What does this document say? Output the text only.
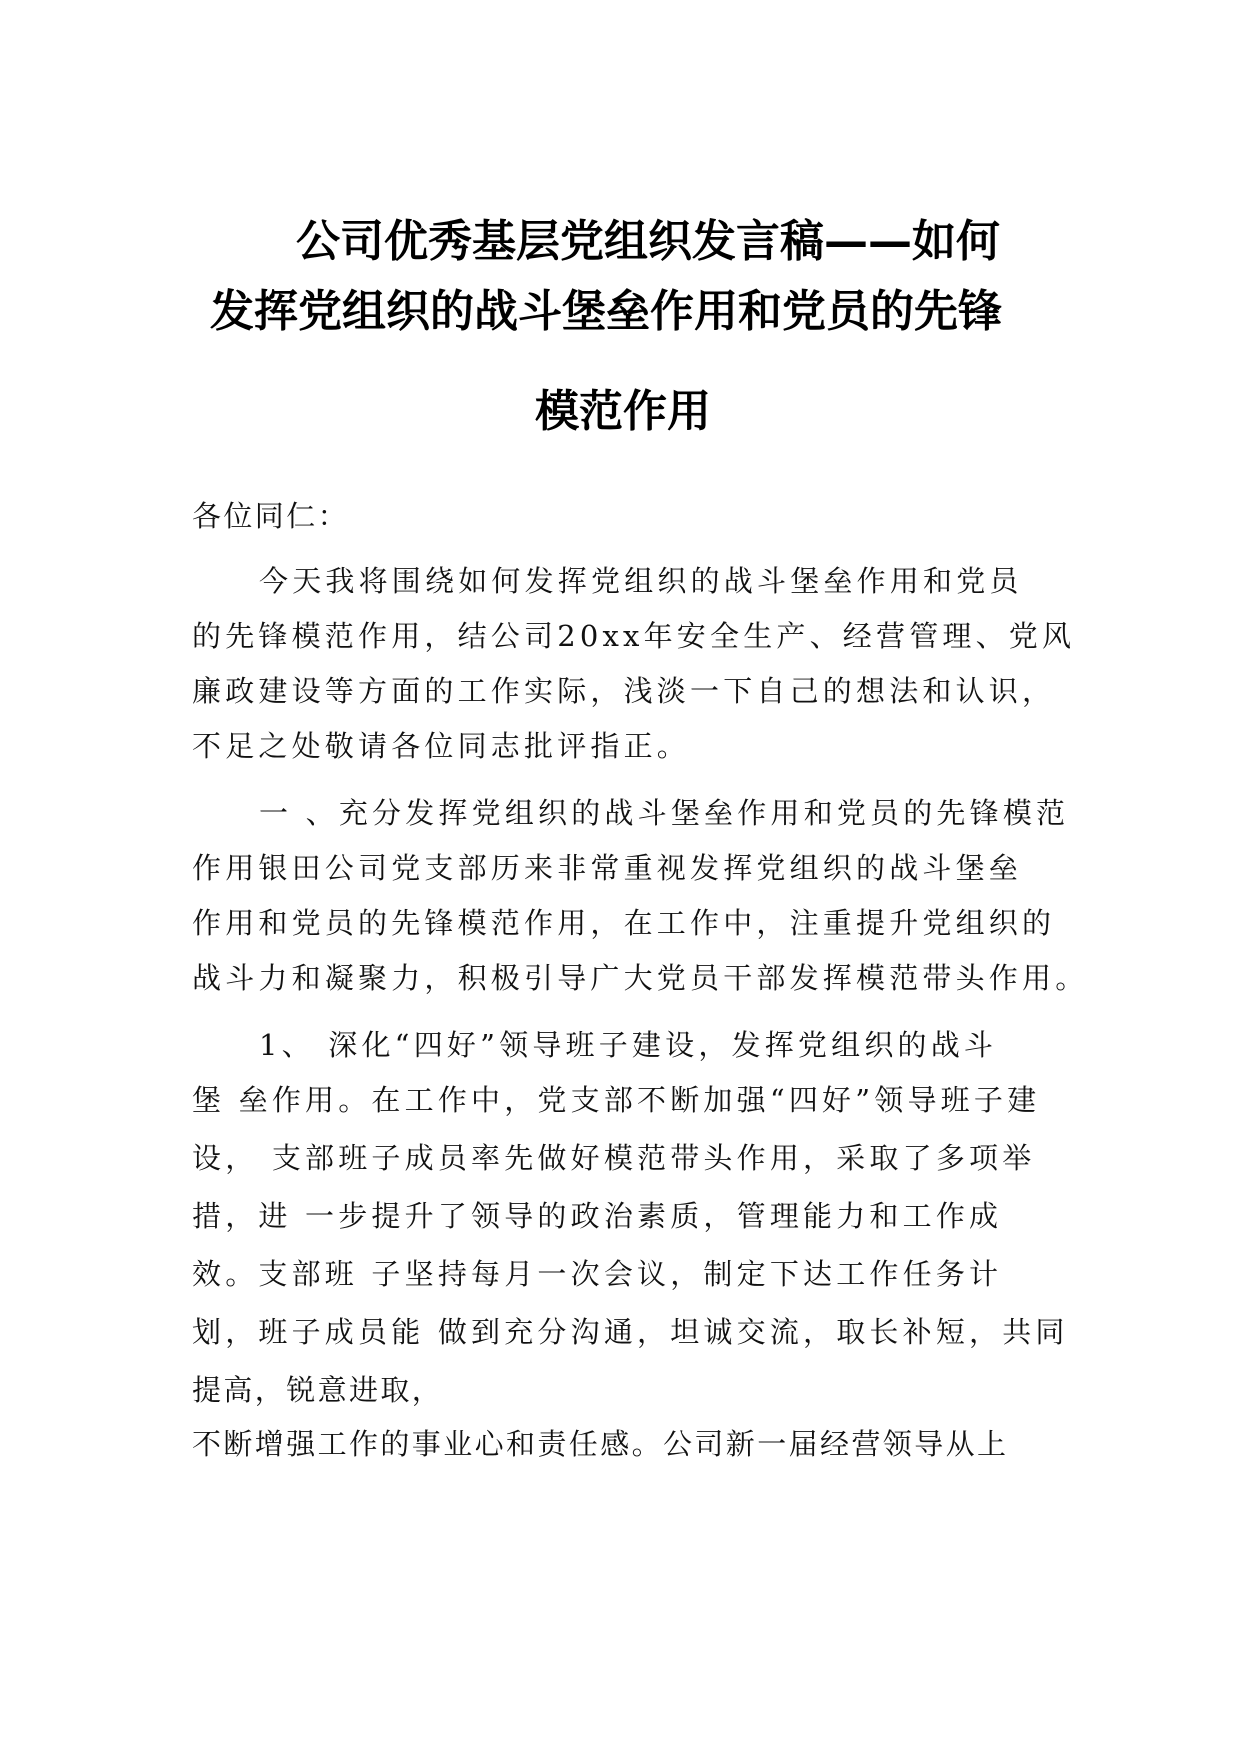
公司优秀基层党组织发言稿——如何
发挥党组织的战斗堡垒作用和党员的先锋
模范作用
各位同仁：
今天我将围绕如何发挥党组织的战斗堡垒作用和党员
的先锋模范作用，结公司20xx年安全生产、经营管理、党风
廉政建设等方面的工作实际，浅淡一下自己的想法和认识，
不足之处敬请各位同志批评指正。
一 、充分发挥党组织的战斗堡垒作用和党员的先锋模范
作用银田公司党支部历来非常重视发挥党组织的战斗堡垒
作用和党员的先锋模范作用，在工作中，注重提升党组织的
战斗力和凝聚力，积极引导广大党员干部发挥模范带头作用。
1、 深化“四好”领导班子建设，发挥党组织的战斗
堡 垒作用。在工作中，党支部不断加强“四好”领导班子建
设， 支部班子成员率先做好模范带头作用，采取了多项举
措，进 一步提升了领导的政治素质，管理能力和工作成
效。支部班 子坚持每月一次会议，制定下达工作任务计
划，班子成员能 做到充分沟通，坦诚交流，取长补短，共同
提高，锐意进取，
不断增强工作的事业心和责任感。公司新一届经营领导从上
